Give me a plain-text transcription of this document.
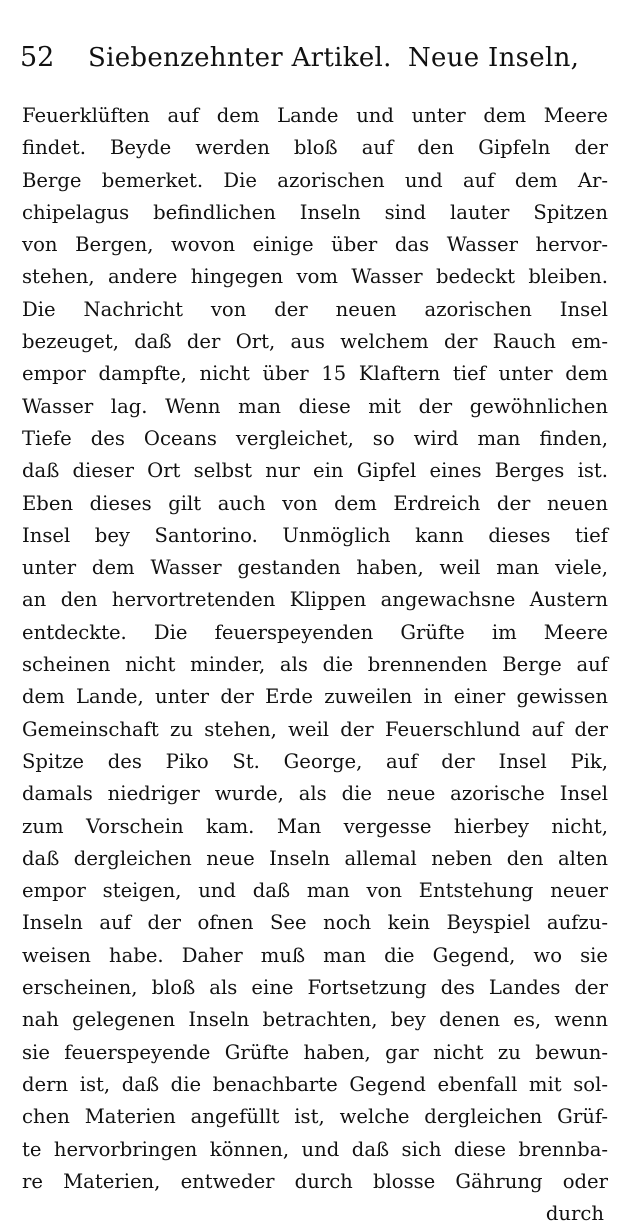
52 Siebenzehnter Artikel. Neue Inseln,
Feuerklüften auf dem Lande und unter dem Meere
findet. Beyde werden bloß auf den Gipfeln der
Berge bemerket. Die azorischen und auf dem Ar-
chipelagus befindlichen Inseln sind lauter Spitzen
von Bergen, wovon einige über das Wasser hervor-
stehen, andere hingegen vom Wasser bedeckt bleiben.
Die Nachricht von der neuen azorischen Insel
bezeuget, daß der Ort, aus welchem der Rauch em-
empor dampfte, nicht über 15 Klaftern tief unter dem
Wasser lag. Wenn man diese mit der gewöhnlichen
Tiefe des Oceans vergleichet, so wird man finden,
daß dieser Ort selbst nur ein Gipfel eines Berges ist.
Eben dieses gilt auch von dem Erdreich der neuen
Insel bey Santorino. Unmöglich kann dieses tief
unter dem Wasser gestanden haben, weil man viele,
an den hervortretenden Klippen angewachsne Austern
entdeckte. Die feuerspeyenden Grüfte im Meere
scheinen nicht minder, als die brennenden Berge auf
dem Lande, unter der Erde zuweilen in einer gewissen
Gemeinschaft zu stehen, weil der Feuerschlund auf der
Spitze des Piko St. George, auf der Insel Pik,
damals niedriger wurde, als die neue azorische Insel
zum Vorschein kam. Man vergesse hierbey nicht,
daß dergleichen neue Inseln allemal neben den alten
empor steigen, und daß man von Entstehung neuer
Inseln auf der ofnen See noch kein Beyspiel aufzu-
weisen habe. Daher muß man die Gegend, wo sie
erscheinen, bloß als eine Fortsetzung des Landes der
nah gelegenen Inseln betrachten, bey denen es, wenn
sie feuerspeyende Grüfte haben, gar nicht zu bewun-
dern ist, daß die benachbarte Gegend ebenfall mit sol-
chen Materien angefüllt ist, welche dergleichen Grüf-
te hervorbringen können, und daß sich diese brennba-
re Materien, entweder durch blosse Gährung oder
durch
